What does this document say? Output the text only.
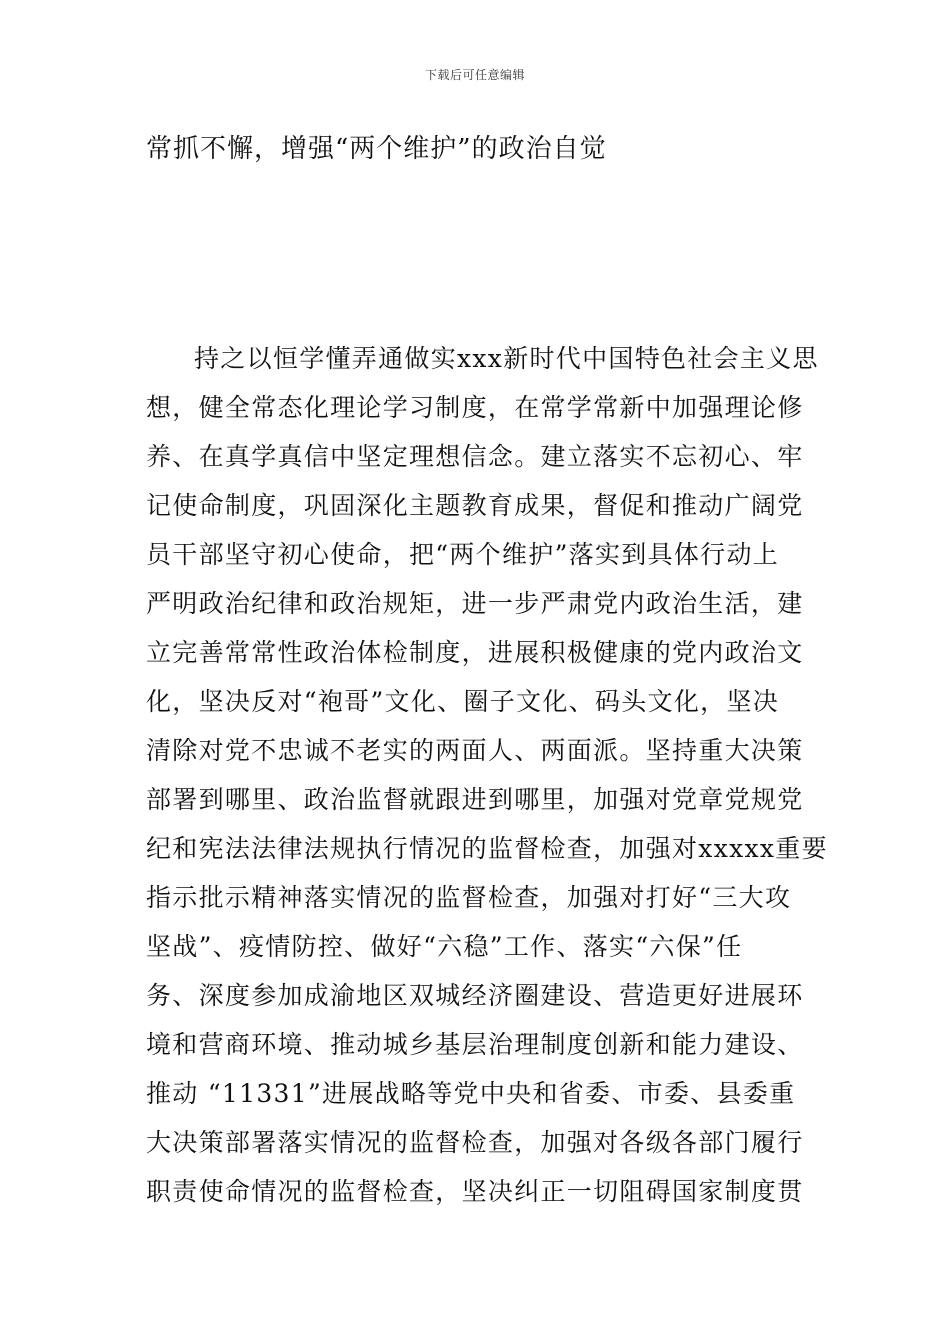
下载后可任意编辑
常抓不懈，增强“两个维护”的政治自觉
持之以恒学懂弄通做实xxx新时代中国特色社会主义思
想，健全常态化理论学习制度，在常学常新中加强理论修
养、在真学真信中坚定理想信念。建立落实不忘初心、牢
记使命制度，巩固深化主题教育成果，督促和推动广阔党
员干部坚守初心使命，把“两个维护”落实到具体行动上
严明政治纪律和政治规矩，进一步严肃党内政治生活，建
立完善常常性政治体检制度，进展积极健康的党内政治文
化，坚决反对“袍哥”文化、圈子文化、码头文化，坚决
清除对党不忠诚不老实的两面人、两面派。坚持重大决策
部署到哪里、政治监督就跟进到哪里，加强对党章党规党
纪和宪法法律法规执行情况的监督检查，加强对xxxxx重要
指示批示精神落实情况的监督检查，加强对打好“三大攻
坚战”、疫情防控、做好“六稳”工作、落实“六保”任
务、深度参加成渝地区双城经济圈建设、营造更好进展环
境和营商环境、推动城乡基层治理制度创新和能力建设、
推动 “11331”进展战略等党中央和省委、市委、县委重
大决策部署落实情况的监督检查，加强对各级各部门履行
职责使命情况的监督检查，坚决纠正一切阻碍国家制度贯
